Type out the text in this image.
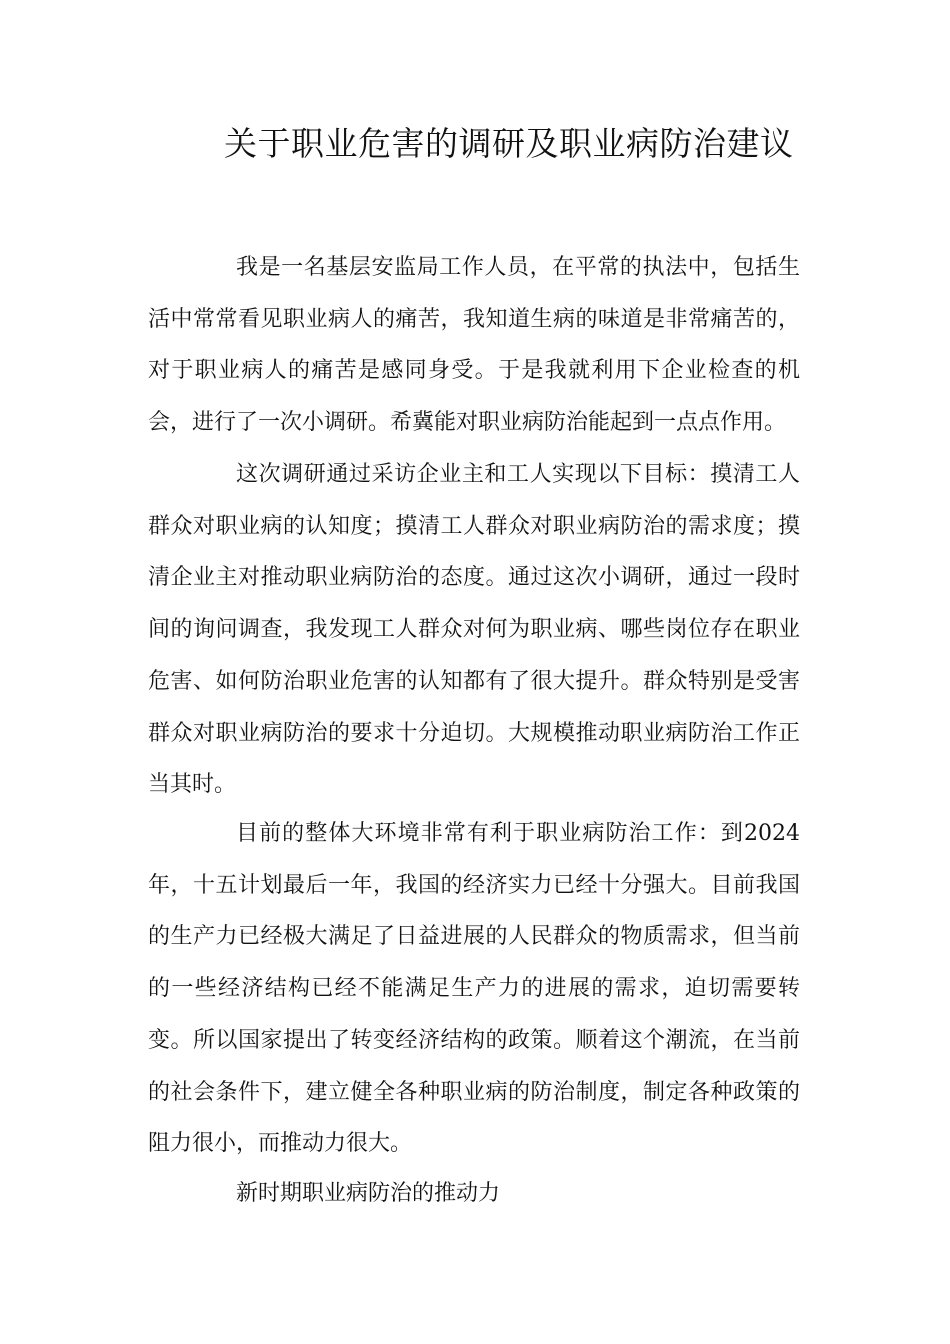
关于职业危害的调研及职业病防治建议

我是一名基层安监局工作人员，在平常的执法中，包括生活中常常看见职业病人的痛苦，我知道生病的味道是非常痛苦的，对于职业病人的痛苦是感同身受。于是我就利用下企业检查的机会，进行了一次小调研。希冀能对职业病防治能起到一点点作用。

这次调研通过采访企业主和工人实现以下目标：摸清工人群众对职业病的认知度；摸清工人群众对职业病防治的需求度；摸清企业主对推动职业病防治的态度。通过这次小调研，通过一段时间的询问调查，我发现工人群众对何为职业病、哪些岗位存在职业危害、如何防治职业危害的认知都有了很大提升。群众特别是受害群众对职业病防治的要求十分迫切。大规模推动职业病防治工作正当其时。

目前的整体大环境非常有利于职业病防治工作：到2024年，十五计划最后一年，我国的经济实力已经十分强大。目前我国的生产力已经极大满足了日益进展的人民群众的物质需求，但当前的一些经济结构已经不能满足生产力的进展的需求，迫切需要转变。所以国家提出了转变经济结构的政策。顺着这个潮流，在当前的社会条件下，建立健全各种职业病的防治制度，制定各种政策的阻力很小，而推动力很大。

新时期职业病防治的推动力
